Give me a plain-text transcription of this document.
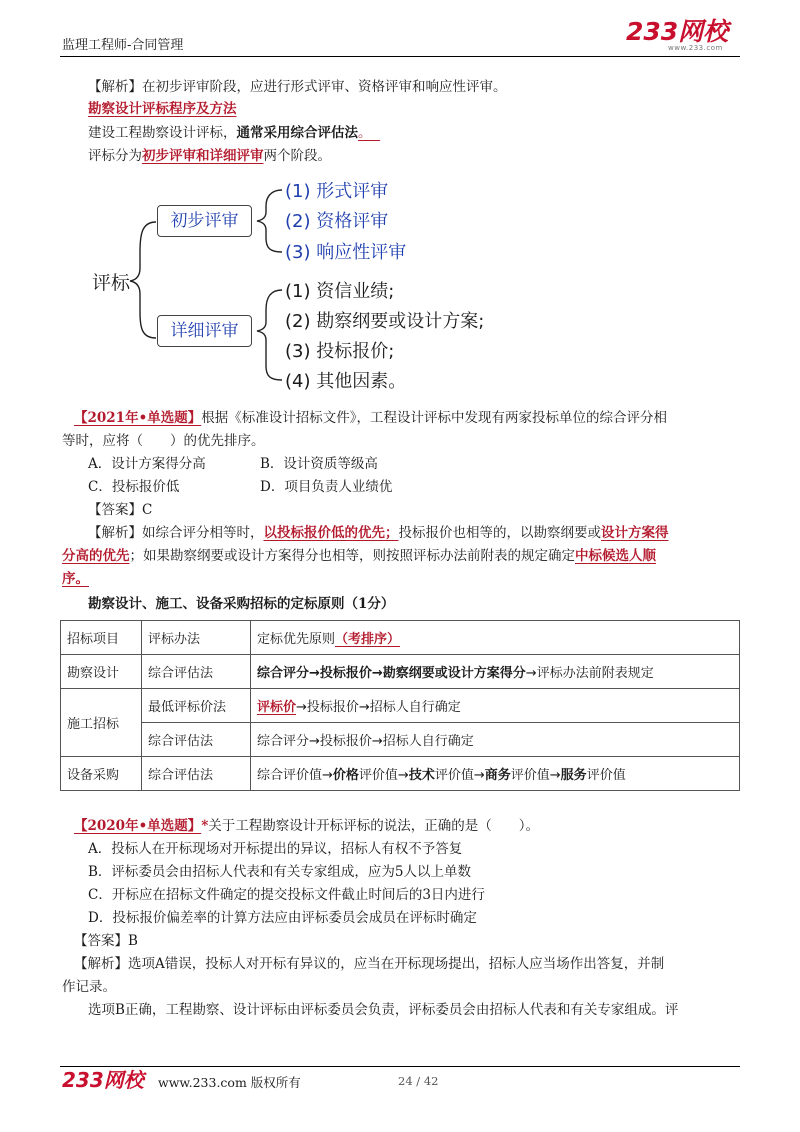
监理工程师-合同管理	233网校
www.233.com
【解析】在初步评审阶段，应进行形式评审、资格评审和响应性评审。
勘察设计评标程序及方法
建设工程勘察设计评标，通常采用综合评估法。
评标分为初步评审和详细评审两个阶段。
评标
初步评审
详细评审
(1) 形式评审
(2) 资格评审
(3) 响应性评审
(1) 资信业绩;
(2) 勘察纲要或设计方案;
(3) 投标报价;
(4) 其他因素。
【2021年•单选题】根据《标准设计招标文件》，工程设计评标中发现有两家投标单位的综合评分相
等时，应将（　　）的优先排序。
A．设计方案得分高	B．设计资质等级高
C．投标报价低	D．项目负责人业绩优
【答案】C
【解析】如综合评分相等时，以投标报价低的优先；投标报价也相等的，以勘察纲要或设计方案得
分高的优先；如果勘察纲要或设计方案得分也相等，则按照评标办法前附表的规定确定中标候选人顺
序。
勘察设计、施工、设备采购招标的定标原则（1分）
招标项目	评标办法	定标优先原则（考排序）
勘察设计	综合评估法	综合评分→投标报价→勘察纲要或设计方案得分→评标办法前附表规定
施工招标	最低评标价法	评标价→投标报价→招标人自行确定
	综合评估法	综合评分→投标报价→招标人自行确定
设备采购	综合评估法	综合评价值→价格评价值→技术评价值→商务评价值→服务评价值
【2020年•单选题】*关于工程勘察设计开标评标的说法，正确的是（　　）。
A．投标人在开标现场对开标提出的异议，招标人有权不予答复
B．评标委员会由招标人代表和有关专家组成，应为5人以上单数
C．开标应在招标文件确定的提交投标文件截止时间后的3日内进行
D．投标报价偏差率的计算方法应由评标委员会成员在评标时确定
【答案】B
【解析】选项A错误，投标人对开标有异议的，应当在开标现场提出，招标人应当场作出答复，并制
作记录。
选项B正确，工程勘察、设计评标由评标委员会负责，评标委员会由招标人代表和有关专家组成。评
233网校 www.233.com 版权所有	24 / 42
